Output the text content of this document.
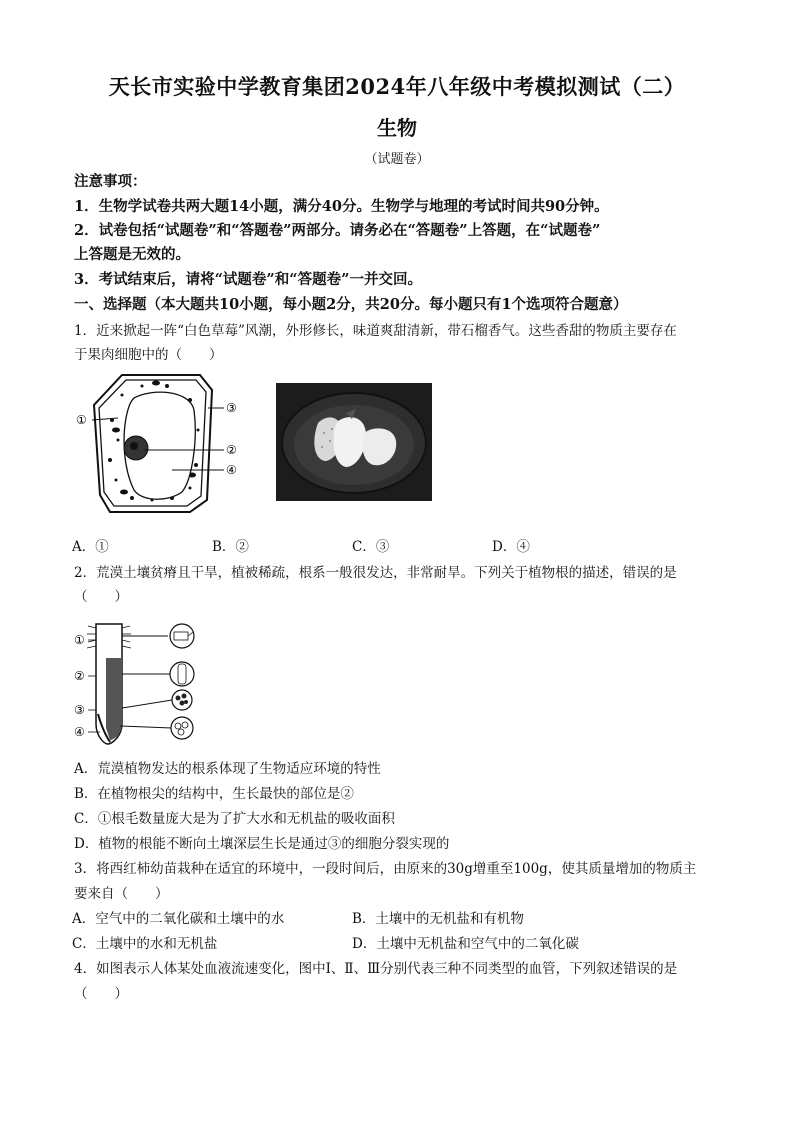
天长市实验中学教育集团2024年八年级中考模拟测试（二）
生物
（试题卷）
注意事项：
1．生物学试卷共两大题14小题，满分40分。生物学与地理的考试时间共90分钟。
2．试卷包括“试题卷”和“答题卷”两部分。请务必在“答题卷”上答题，在“试题卷”
上答题是无效的。
3．考试结束后，请将“试题卷”和“答题卷”一并交回。
一、选择题（本大题共10小题，每小题2分，共20分。每小题只有1个选项符合题意）
1．近来掀起一阵“白色草莓”风潮，外形修长，味道爽甜清新，带石榴香气。这些香甜的物质主要存在
于果肉细胞中的（　　）
①
③
②
④
A．①	B．②	C．③	D．④
2．荒漠土壤贫瘠且干旱，植被稀疏，根系一般很发达，非常耐旱。下列关于植物根的描述，错误的是
（　　）
①
②
③
④
A．荒漠植物发达的根系体现了生物适应环境的特性
B．在植物根尖的结构中，生长最快的部位是②
C．①根毛数量庞大是为了扩大水和无机盐的吸收面积
D．植物的根能不断向土壤深层生长是通过③的细胞分裂实现的
3．将西红柿幼苗栽种在适宜的环境中，一段时间后，由原来的30g增重至100g，使其质量增加的物质主
要来自（　　）
A．空气中的二氧化碳和土壤中的水	B．土壤中的无机盐和有机物
C．土壤中的水和无机盐	D．土壤中无机盐和空气中的二氧化碳
4．如图表示人体某处血液流速变化，图中Ⅰ、Ⅱ、Ⅲ分别代表三种不同类型的血管，下列叙述错误的是
（　　）
